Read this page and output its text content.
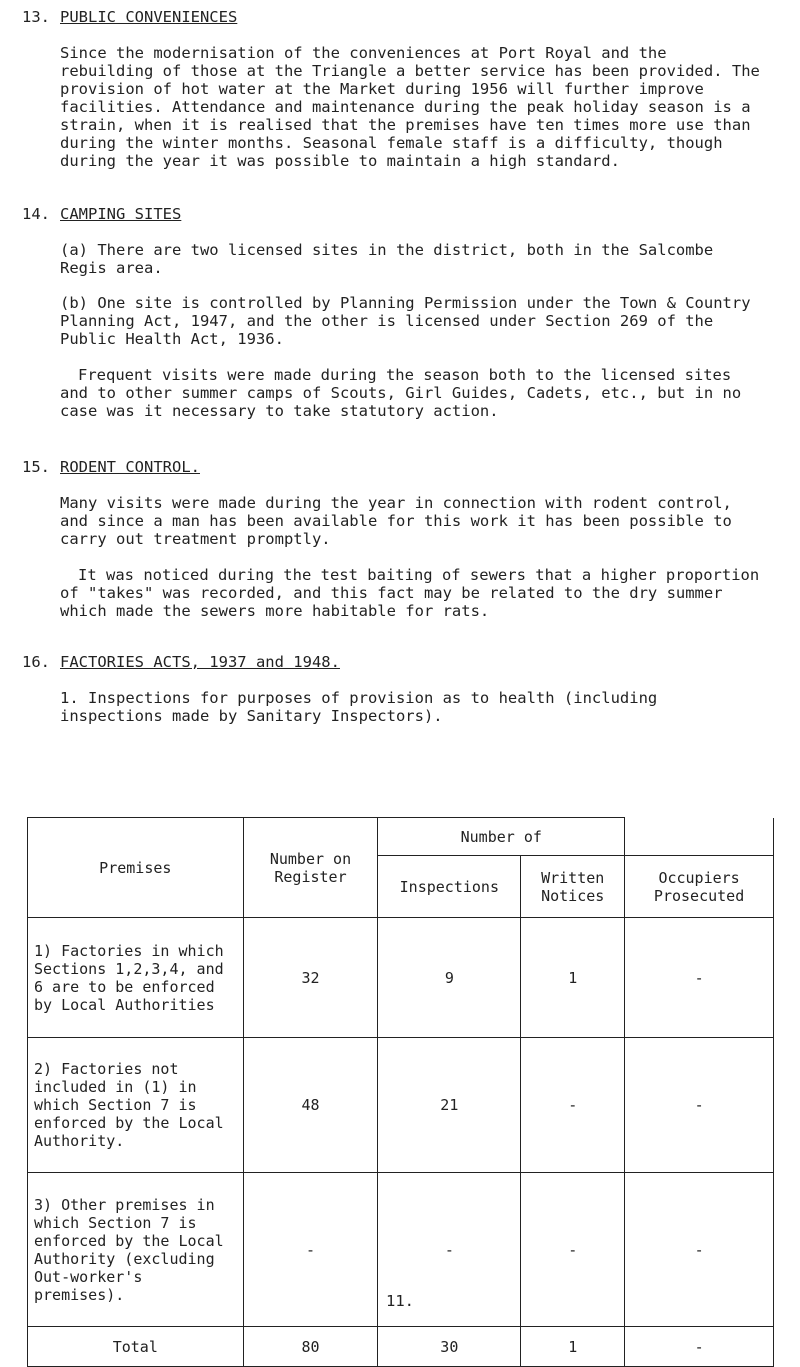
13. PUBLIC CONVENIENCES
Since the modernisation of the conveniences at Port Royal and the rebuilding of those at the Triangle a better service has been provided. The provision of hot water at the Market during 1956 will further improve facilities. Attendance and maintenance during the peak holiday season is a strain, when it is realised that the premises have ten times more use than during the winter months. Seasonal female staff is a difficulty, though during the year it was possible to maintain a high standard.
14. CAMPING SITES
(a) There are two licensed sites in the district, both in the Salcombe Regis area.
(b) One site is controlled by Planning Permission under the Town & Country Planning Act, 1947, and the other is licensed under Section 269 of the Public Health Act, 1936.
Frequent visits were made during the season both to the licensed sites and to other summer camps of Scouts, Girl Guides, Cadets, etc., but in no case was it necessary to take statutory action.
15. RODENT CONTROL.
Many visits were made during the year in connection with rodent control, and since a man has been available for this work it has been possible to carry out treatment promptly.
It was noticed during the test baiting of sewers that a higher proportion of "takes" was recorded, and this fact may be related to the dry summer which made the sewers more habitable for rats.
16. FACTORIES ACTS, 1937 and 1948.
1. Inspections for purposes of provision as to health (including inspections made by Sanitary Inspectors).
Premises	Number on Register	Number of		
		Inspections	Written Notices	Occupiers Prosecuted
1) Factories in which Sections 1,2,3,4, and 6 are to be enforced by Local Authorities	32	9	1	-
2) Factories not included in (1) in which Section 7 is enforced by the Local Authority.	48	21	-	-
3) Other premises in which Section 7 is enforced by the Local Authority (excluding Out-worker's premises).	-	-	-	-
Total	80	30	1	-
11.
